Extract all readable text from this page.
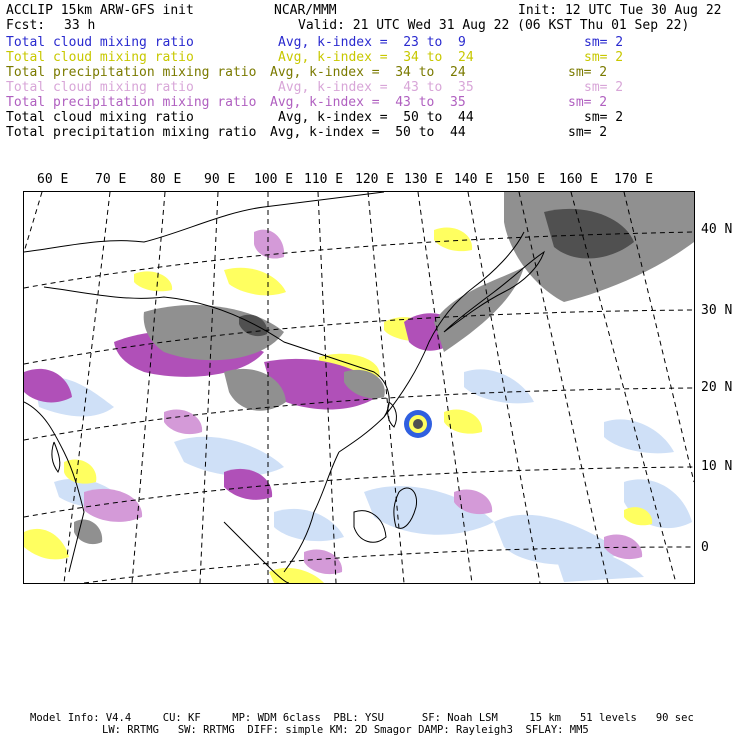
ACCLIP 15km ARW-GFS init	NCAR/MMM	Init: 12 UTC Tue 30 Aug 22
Fcst: 33 h	Valid: 21 UTC Wed 31 Aug 22 (06 KST Thu 01 Sep 22)
Total cloud mixing ratio	Avg, k-index =  23 to  9	sm= 2
Total cloud mixing ratio	Avg, k-index =  34 to  24	sm= 2
Total precipitation mixing ratio Avg, k-index =  34 to  24	sm= 2
Total cloud mixing ratio	Avg, k-index =  43 to  35	sm= 2
Total precipitation mixing ratio Avg, k-index =  43 to  35	sm= 2
Total cloud mixing ratio	Avg, k-index =  50 to  44	sm= 2
Total precipitation mixing ratio Avg, k-index =  50 to  44	sm= 2
60 E 70 E 80 E 90 E 100 E 110 E 120 E 130 E 140 E 150 E 160 E 170 E
40 N
30 N
20 N
10 N
0
Model Info: V4.4     CU: KF     MP: WDM 6class  PBL: YSU      SF: Noah LSM     15 km   51 levels   90 sec
LW: RRTMG   SW: RRTMG  DIFF: simple KM: 2D Smagor DAMP: Rayleigh3  SFLAY: MM5
